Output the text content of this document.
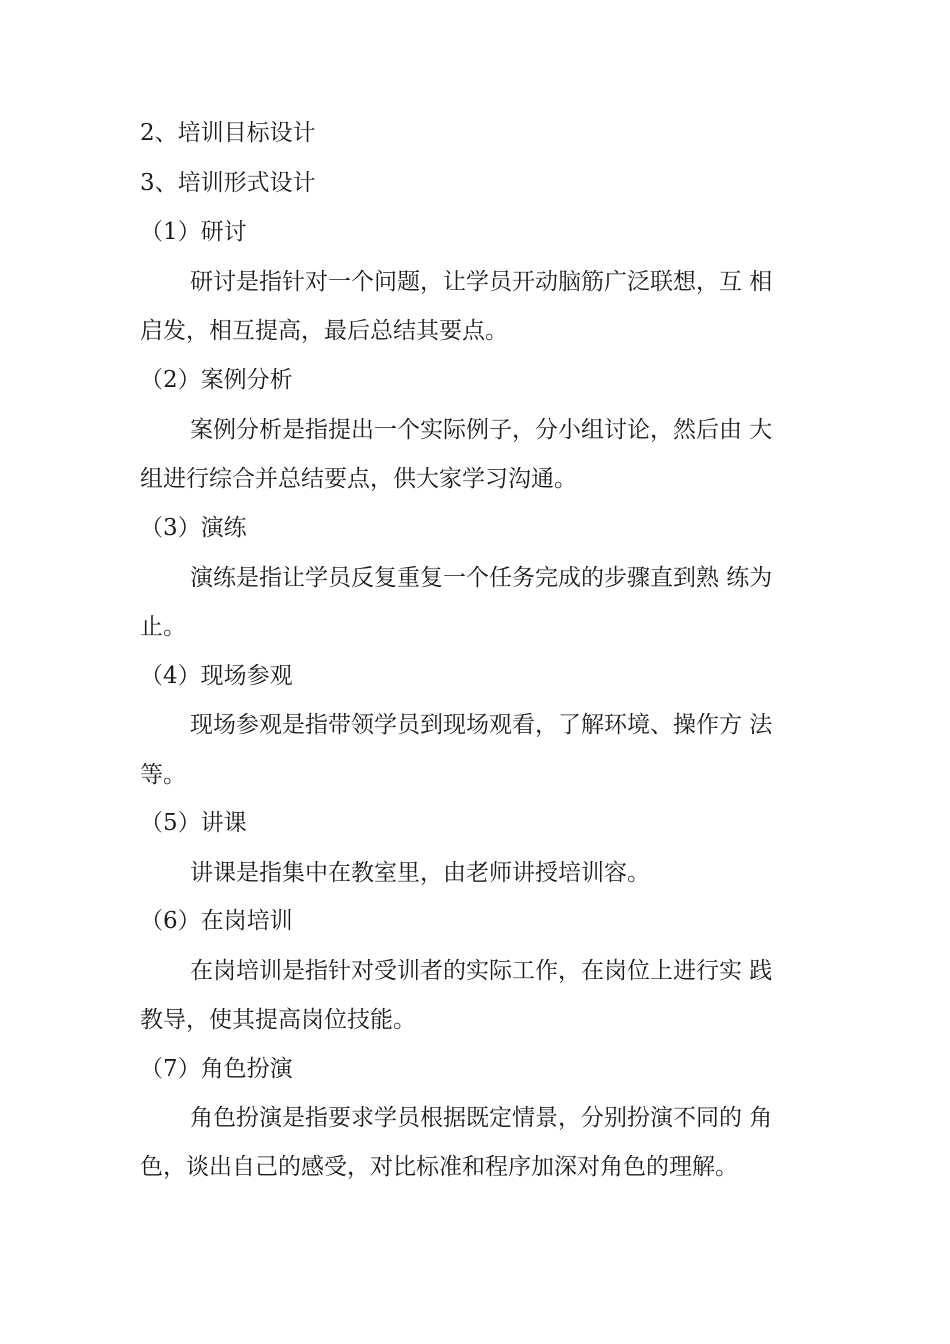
2、培训目标设计
3、培训形式设计
（1）研讨
研讨是指针对一个问题，让学员开动脑筋广泛联想，互 相
启发，相互提高，最后总结其要点。
（2）案例分析
案例分析是指提出一个实际例子，分小组讨论，然后由 大
组进行综合并总结要点，供大家学习沟通。
（3）演练
演练是指让学员反复重复一个任务完成的步骤直到熟 练为
止。
（4）现场参观
现场参观是指带领学员到现场观看，了解环境、操作方 法
等。
（5）讲课
讲课是指集中在教室里，由老师讲授培训容。
（6）在岗培训
在岗培训是指针对受训者的实际工作，在岗位上进行实 践
教导，使其提高岗位技能。
（7）角色扮演
角色扮演是指要求学员根据既定情景，分别扮演不同的 角
色，谈出自己的感受，对比标准和程序加深对角色的理解。
